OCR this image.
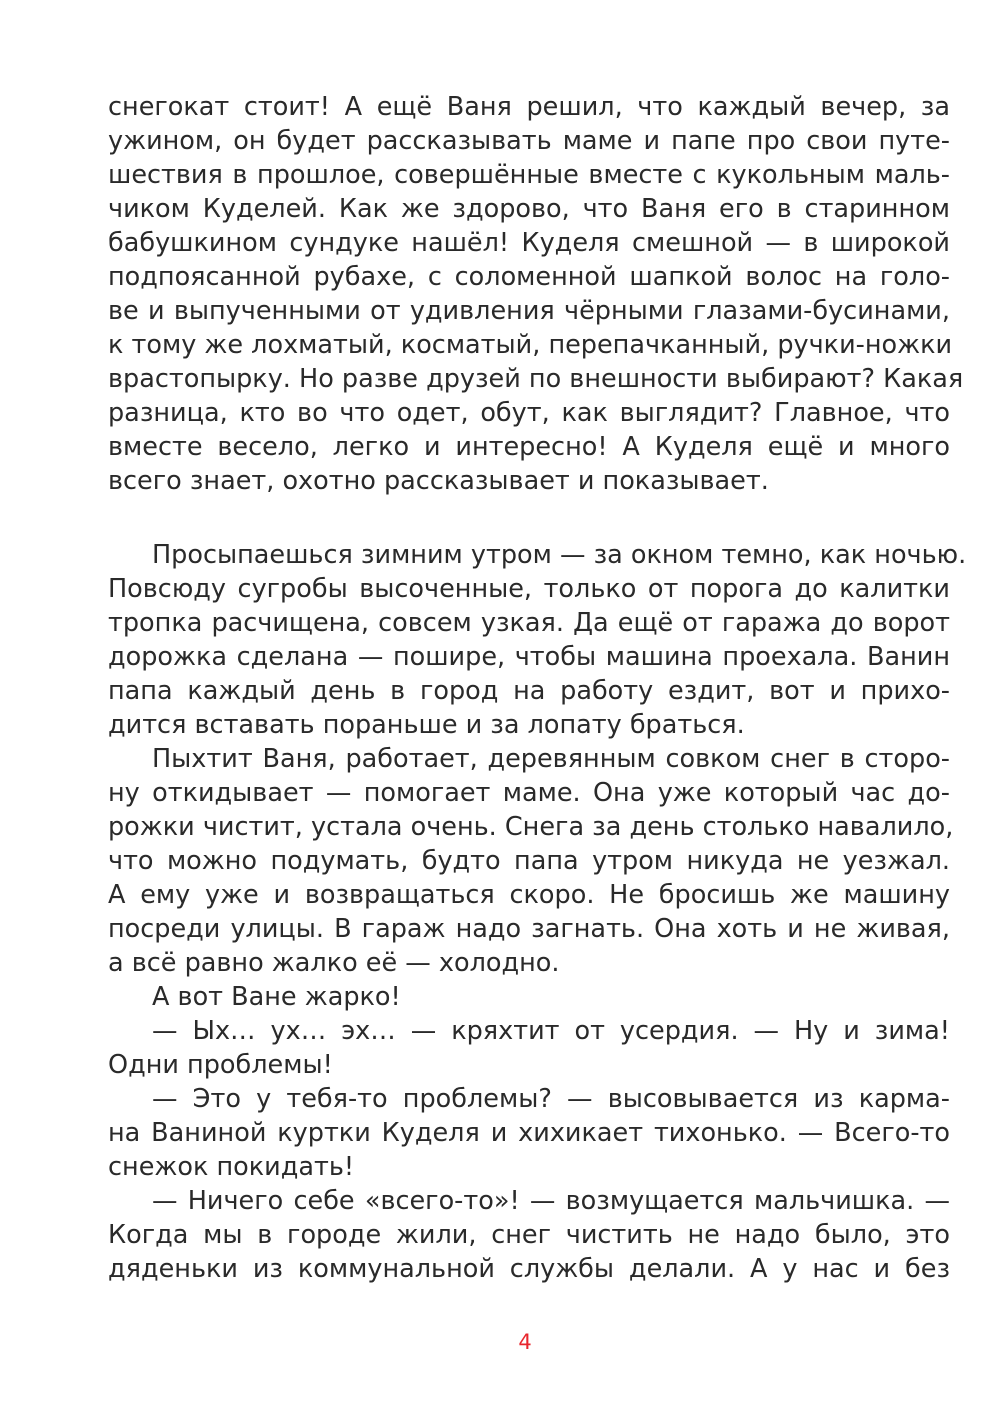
снегокат стоит! А ещё Ваня решил, что каждый вечер, за
ужином, он будет рассказывать маме и папе про свои путе-
шествия в прошлое, совершённые вместе с кукольным маль-
чиком Куделей. Как же здорово, что Ваня его в старинном
бабушкином сундуке нашёл! Куделя смешной — в широкой
подпоясанной рубахе, с соломенной шапкой волос на голо-
ве и выпученными от удивления чёрными глазами-бусинами,
к тому же лохматый, косматый, перепачканный, ручки-ножки
врастопырку. Но разве друзей по внешности выбирают? Какая
разница, кто во что одет, обут, как выглядит? Главное, что
вместе весело, легко и интересно! А Куделя ещё и много
всего знает, охотно рассказывает и показывает.
Просыпаешься зимним утром — за окном темно, как ночью.
Повсюду сугробы высоченные, только от порога до калитки
тропка расчищена, совсем узкая. Да ещё от гаража до ворот
дорожка сделана — пошире, чтобы машина проехала. Ванин
папа каждый день в город на работу ездит, вот и прихо-
дится вставать пораньше и за лопату браться.
Пыхтит Ваня, работает, деревянным совком снег в сторо-
ну откидывает — помогает маме. Она уже который час до-
рожки чистит, устала очень. Снега за день столько навалило,
что можно подумать, будто папа утром никуда не уезжал.
А ему уже и возвращаться скоро. Не бросишь же машину
посреди улицы. В гараж надо загнать. Она хоть и не живая,
а всё равно жалко её — холодно.
А вот Ване жарко!
— Ых… ух… эх… — кряхтит от усердия. — Ну и зима!
Одни проблемы!
— Это у тебя-то проблемы? — высовывается из карма-
на Ваниной куртки Куделя и хихикает тихонько. — Всего-то
снежок покидать!
— Ничего себе «всего-то»! — возмущается мальчишка. —
Когда мы в городе жили, снег чистить не надо было, это
дяденьки из коммунальной службы делали. А у нас и без
4
